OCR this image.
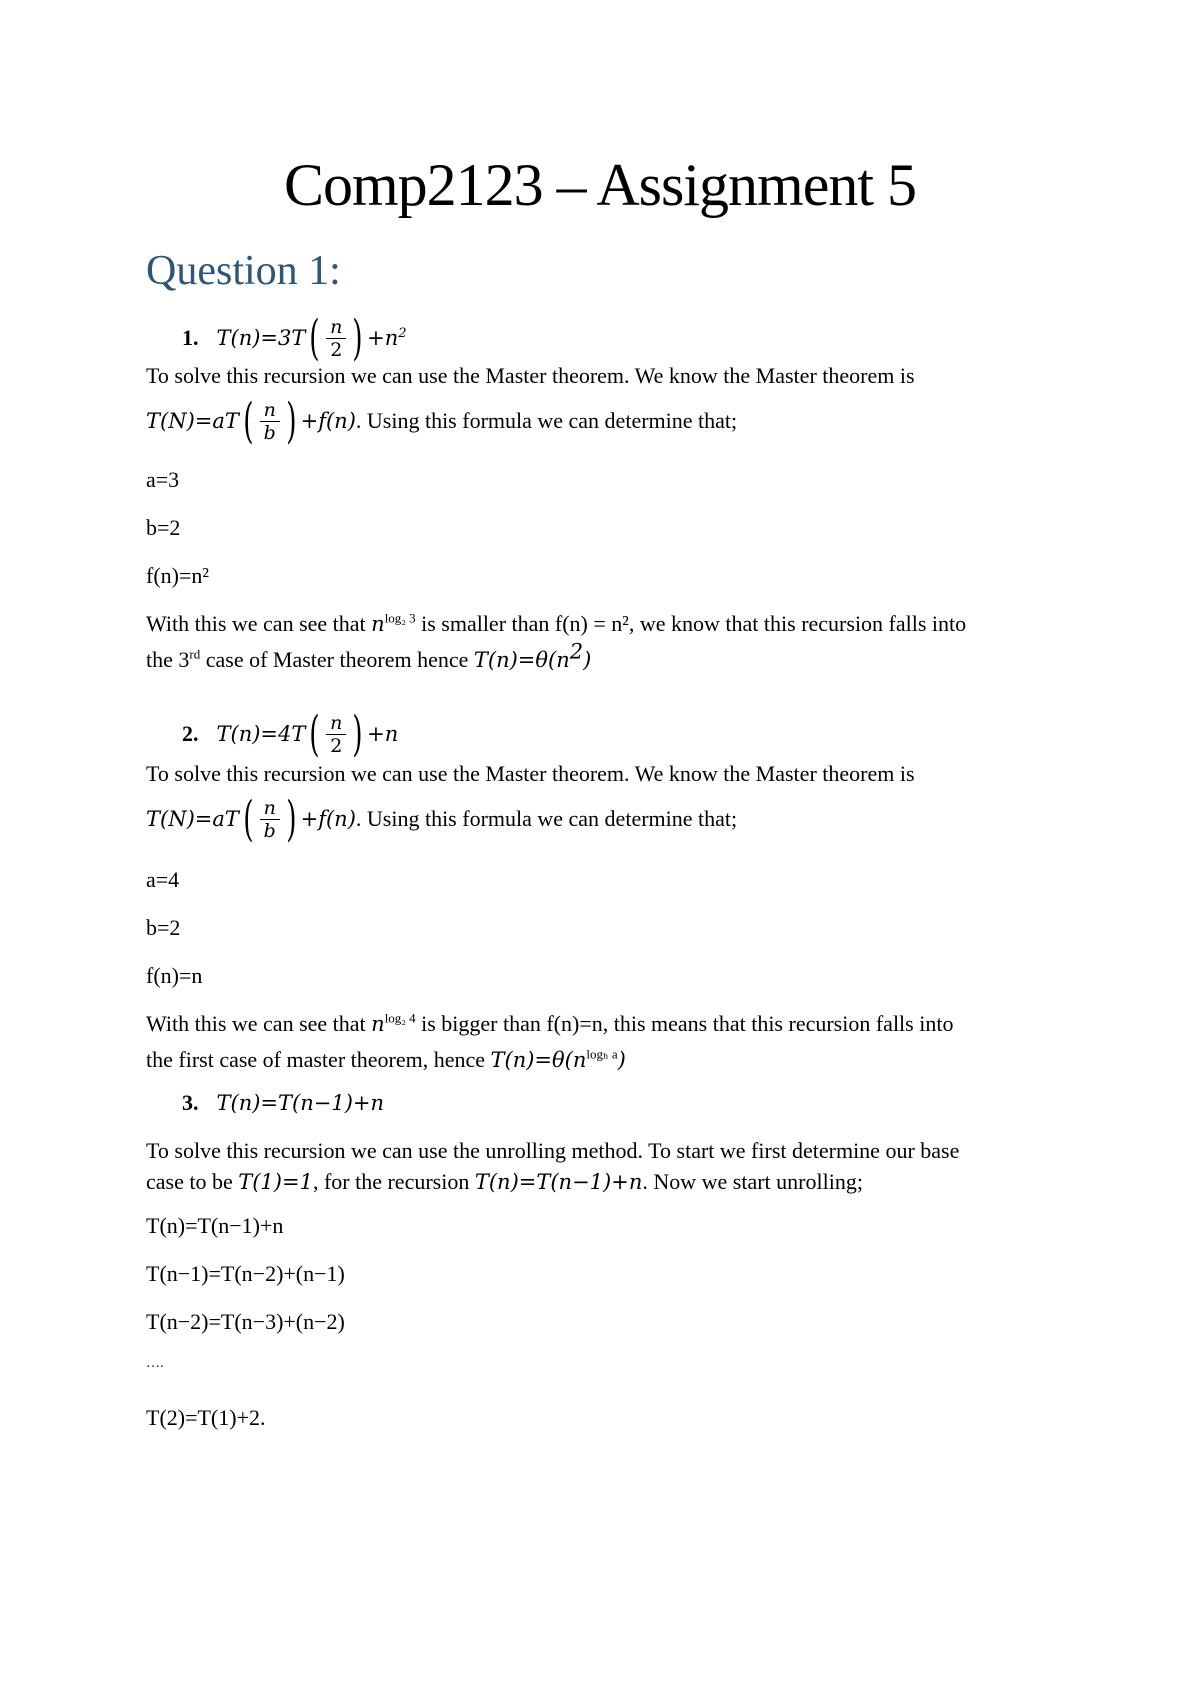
Comp2123 – Assignment 5
Question 1:
1. T(n)=3T ( $\frac{n}{2}$ ) $+n^2$
To solve this recursion we can use the Master theorem. We know the Master theorem is
T(N)=aT ( $\frac{n}{b}$ ) +f(n) . Using this formula we can determine that;
a=3
b=2
f(n)=n²
With this we can see that $n^{log_2 3}$ is smaller than f(n) = n², we know that this recursion falls into
the 3rd case of Master theorem hence $T(n)=\theta(n^2)$
2. T(n)=4T ( $\frac{n}{2}$ ) +n
To solve this recursion we can use the Master theorem. We know the Master theorem is
T(N)=aT ( $\frac{n}{b}$ ) +f(n) . Using this formula we can determine that;
a=4
b=2
f(n)=n
With this we can see that $n^{log_2 4}$ is bigger than f(n)=n, this means that this recursion falls into
the first case of master theorem, hence $T(n)=\theta(n^{log_h a})$
3. T(n)=T(n−1)+n
To solve this recursion we can use the unrolling method. To start we first determine our base
case to be T(1)=1, for the recursion T(n)=T(n−1)+n. Now we start unrolling;
T(n)=T(n−1)+n
T(n−1)=T(n−2)+(n−1)
T(n−2)=T(n−3)+(n−2)
….
T(2)=T(1)+2.
